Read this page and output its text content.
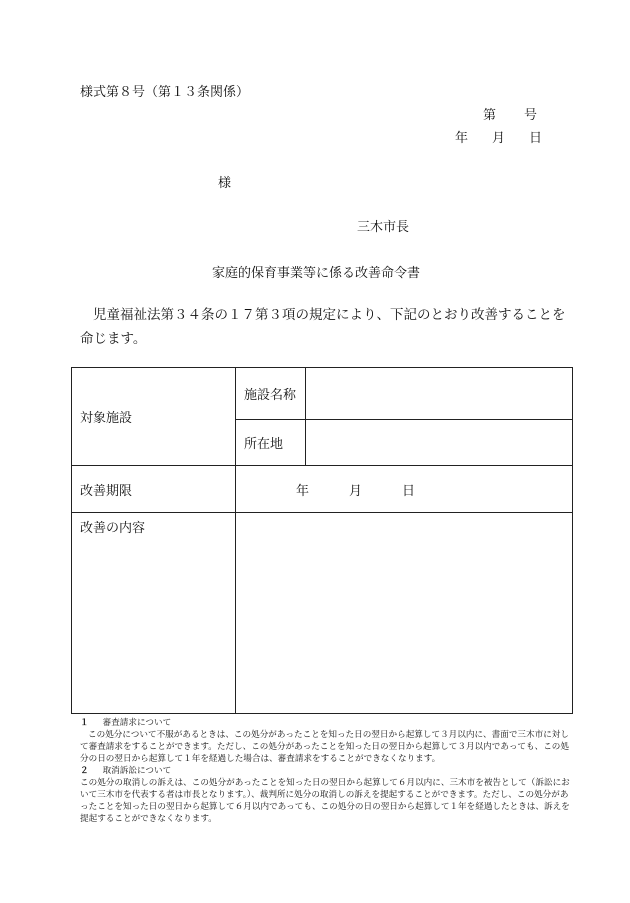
様式第８号（第１３条関係）
第 号
年 月 日
様
三木市長
家庭的保育事業等に係る改善命令書
児童福祉法第３４条の１７第３項の規定により、下記のとおり改善することを命じます。
対象施設	施設名称	
	所在地	
改善期限	年 月 日	

改善の内容		

１ 審査請求について

この処分について不服があるときは、この処分があったことを知った日の翌日から起算して３月以内に、書面で三木市に対して審査請求をすることができます。ただし、この処分があったことを知った日の翌日から起算して３月以内であっても、この処分の日の翌日から起算して１年を経過した場合は、審査請求をすることができなくなります。

２ 取消訴訟について

この処分の取消しの訴えは、この処分があったことを知った日の翌日から起算して６月以内に、三木市を被告として（訴訟において三木市を代表する者は市長となります。）、裁判所に処分の取消しの訴えを提起することができます。ただし、この処分があったことを知った日の翌日から起算して６月以内であっても、この処分の日の翌日から起算して１年を経過したときは、訴えを提起することができなくなります。
